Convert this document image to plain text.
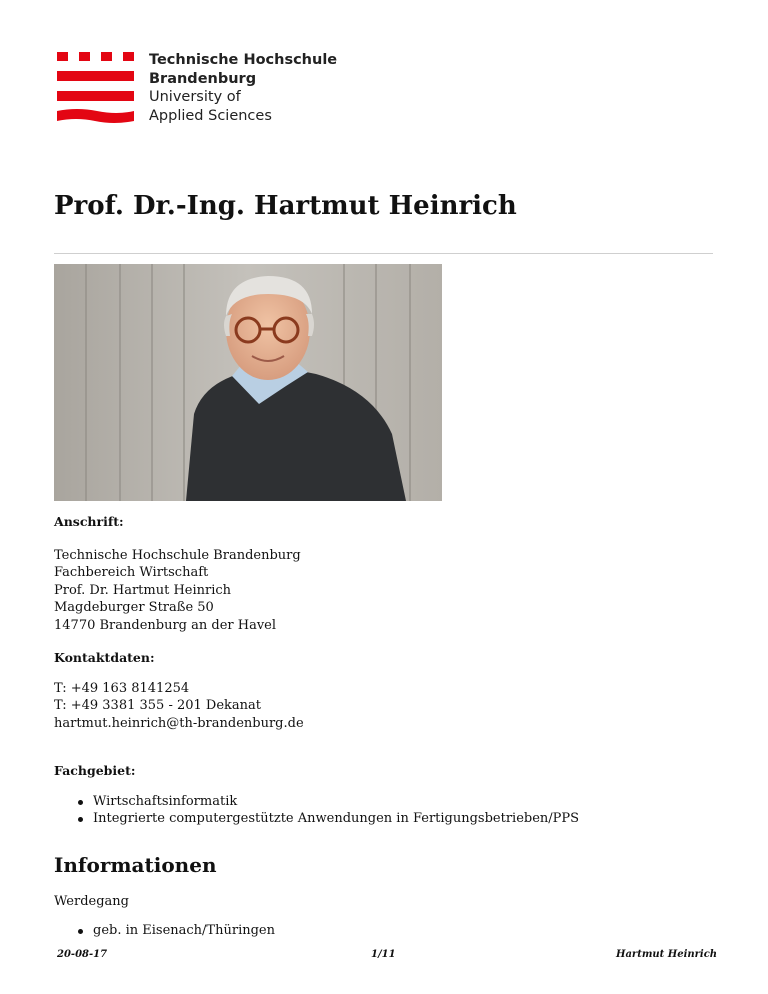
Technische Hochschule
Brandenburg
University of
Applied Sciences
Prof. Dr.-Ing. Hartmut Heinrich

Anschrift:

Technische Hochschule Brandenburg
Fachbereich Wirtschaft
Prof. Dr. Hartmut Heinrich
Magdeburger Straße 50
14770 Brandenburg an der Havel

Kontaktdaten:

T: +49 163 8141254
T: +49 3381 355 - 201 Dekanat
hartmut.heinrich@th-brandenburg.de

Fachgebiet:

Wirtschaftsinformatik
Integrierte computergestützte Anwendungen in Fertigungsbetrieben/PPS
Informationen
Werdegang
geb. in Eisenach/Thüringen
20-08-17	1/11	Hartmut Heinrich
